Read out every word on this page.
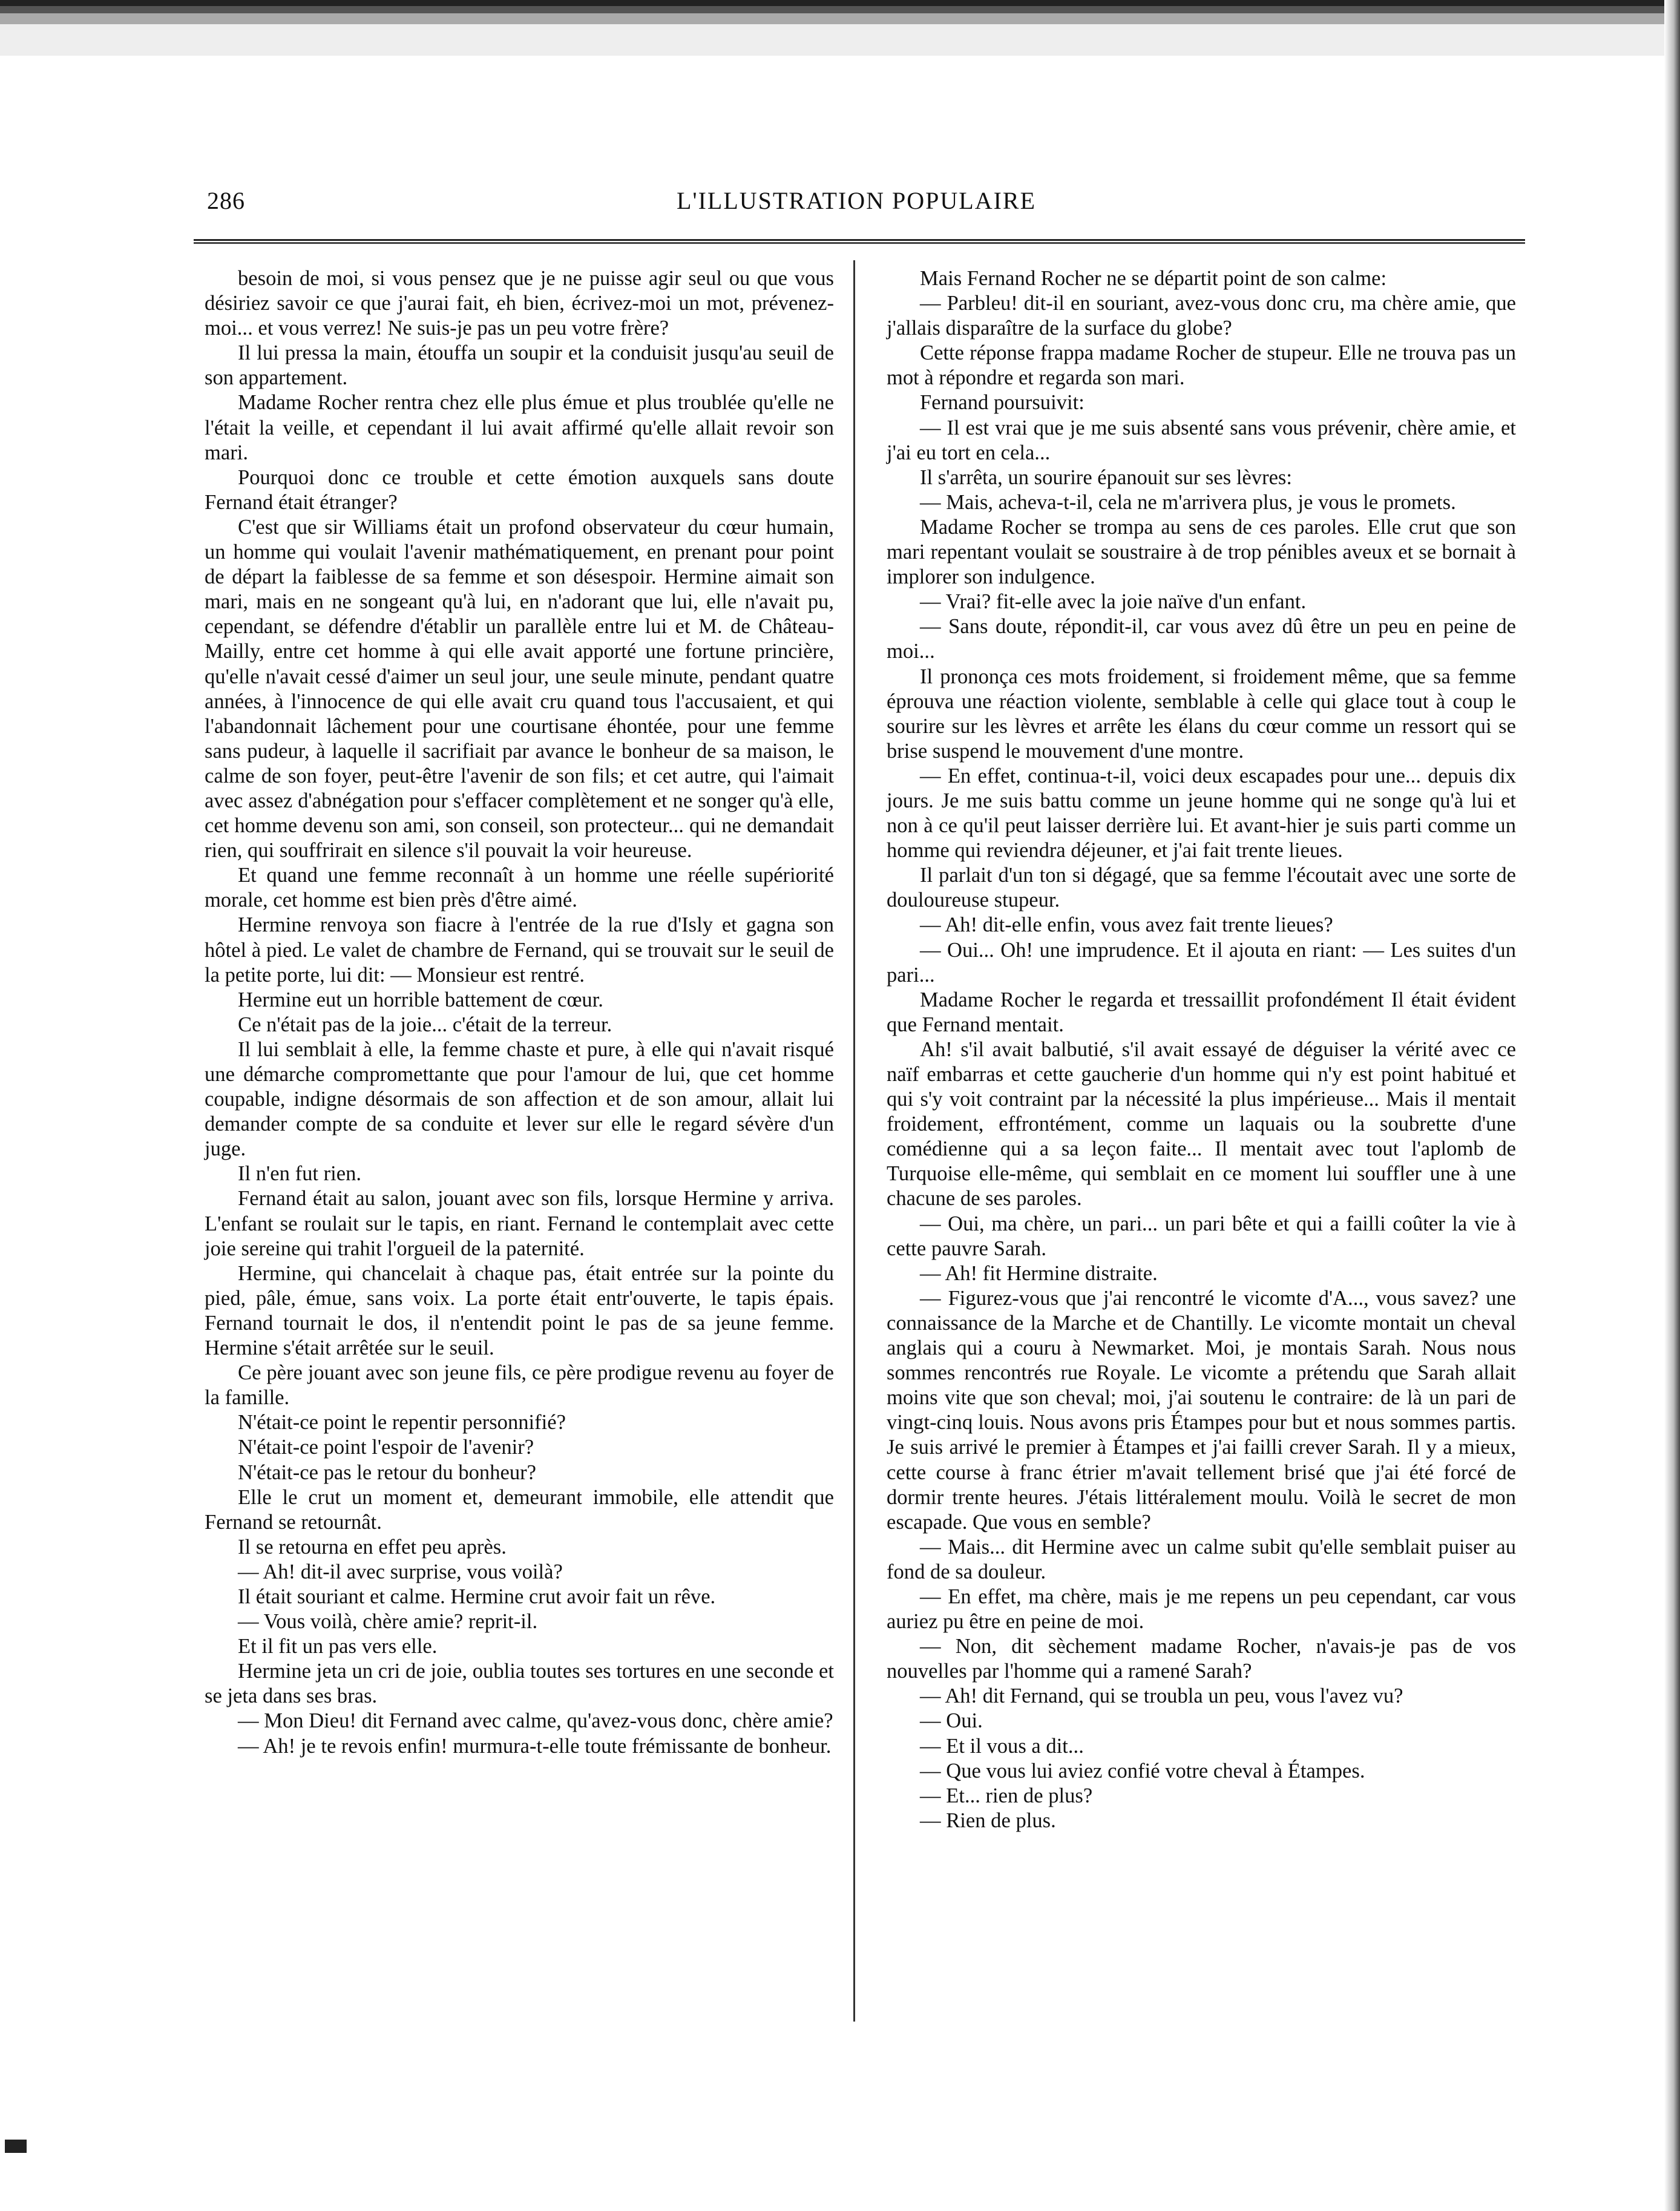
286	L'ILLUSTRATION POPULAIRE

besoin de moi, si vous pensez que je ne puisse agir seul ou que vous désiriez savoir ce que j'aurai fait, eh bien, écrivez-moi un mot, prévenez-moi... et vous verrez! Ne suis-je pas un peu votre frère?

Il lui pressa la main, étouffa un soupir et la conduisit jusqu'au seuil de son appartement.

Madame Rocher rentra chez elle plus émue et plus troublée qu'elle ne l'était la veille, et cependant il lui avait affirmé qu'elle allait revoir son mari.

Pourquoi donc ce trouble et cette émotion auxquels sans doute Fernand était étranger?

C'est que sir Williams était un profond observateur du cœur humain, un homme qui voulait l'avenir mathématiquement, en prenant pour point de départ la faiblesse de sa femme et son désespoir. Hermine aimait son mari, mais en ne songeant qu'à lui, en n'adorant que lui, elle n'avait pu, cependant, se défendre d'établir un parallèle entre lui et M. de Château-Mailly, entre cet homme à qui elle avait apporté une fortune princière, qu'elle n'avait cessé d'aimer un seul jour, une seule minute, pendant quatre années, à l'innocence de qui elle avait cru quand tous l'accusaient, et qui l'abandonnait lâchement pour une courtisane éhontée, pour une femme sans pudeur, à laquelle il sacrifiait par avance le bonheur de sa maison, le calme de son foyer, peut-être l'avenir de son fils; et cet autre, qui l'aimait avec assez d'abnégation pour s'effacer complètement et ne songer qu'à elle, cet homme devenu son ami, son conseil, son protecteur... qui ne demandait rien, qui souffrirait en silence s'il pouvait la voir heureuse.

Et quand une femme reconnaît à un homme une réelle supériorité morale, cet homme est bien près d'être aimé.

Hermine renvoya son fiacre à l'entrée de la rue d'Isly et gagna son hôtel à pied. Le valet de chambre de Fernand, qui se trouvait sur le seuil de la petite porte, lui dit: — Monsieur est rentré.

Hermine eut un horrible battement de cœur.

Ce n'était pas de la joie... c'était de la terreur.

Il lui semblait à elle, la femme chaste et pure, à elle qui n'avait risqué une démarche compromettante que pour l'amour de lui, que cet homme coupable, indigne désormais de son affection et de son amour, allait lui demander compte de sa conduite et lever sur elle le regard sévère d'un juge.

Il n'en fut rien.

Fernand était au salon, jouant avec son fils, lorsque Hermine y arriva. L'enfant se roulait sur le tapis, en riant. Fernand le contemplait avec cette joie sereine qui trahit l'orgueil de la paternité.

Hermine, qui chancelait à chaque pas, était entrée sur la pointe du pied, pâle, émue, sans voix. La porte était entr'ouverte, le tapis épais. Fernand tournait le dos, il n'entendit point le pas de sa jeune femme. Hermine s'était arrêtée sur le seuil.

Ce père jouant avec son jeune fils, ce père prodigue revenu au foyer de la famille.

N'était-ce point le repentir personnifié?

N'était-ce point l'espoir de l'avenir?

N'était-ce pas le retour du bonheur?

Elle le crut un moment et, demeurant immobile, elle attendit que Fernand se retournât.

Il se retourna en effet peu après.

— Ah! dit-il avec surprise, vous voilà?

Il était souriant et calme. Hermine crut avoir fait un rêve.

— Vous voilà, chère amie? reprit-il.

Et il fit un pas vers elle.

Hermine jeta un cri de joie, oublia toutes ses tortures en une seconde et se jeta dans ses bras.

— Mon Dieu! dit Fernand avec calme, qu'avez-vous donc, chère amie?

— Ah! je te revois enfin! murmura-t-elle toute frémissante de bonheur.

Mais Fernand Rocher ne se départit point de son calme:

— Parbleu! dit-il en souriant, avez-vous donc cru, ma chère amie, que j'allais disparaître de la surface du globe?

Cette réponse frappa madame Rocher de stupeur. Elle ne trouva pas un mot à répondre et regarda son mari.

Fernand poursuivit:

— Il est vrai que je me suis absenté sans vous prévenir, chère amie, et j'ai eu tort en cela...

Il s'arrêta, un sourire épanouit sur ses lèvres:

— Mais, acheva-t-il, cela ne m'arrivera plus, je vous le promets.

Madame Rocher se trompa au sens de ces paroles. Elle crut que son mari repentant voulait se soustraire à de trop pénibles aveux et se bornait à implorer son indulgence.

— Vrai? fit-elle avec la joie naïve d'un enfant.

— Sans doute, répondit-il, car vous avez dû être un peu en peine de moi...

Il prononça ces mots froidement, si froidement même, que sa femme éprouva une réaction violente, semblable à celle qui glace tout à coup le sourire sur les lèvres et arrête les élans du cœur comme un ressort qui se brise suspend le mouvement d'une montre.

— En effet, continua-t-il, voici deux escapades pour une... depuis dix jours. Je me suis battu comme un jeune homme qui ne songe qu'à lui et non à ce qu'il peut laisser derrière lui. Et avant-hier je suis parti comme un homme qui reviendra déjeuner, et j'ai fait trente lieues.

Il parlait d'un ton si dégagé, que sa femme l'écoutait avec une sorte de douloureuse stupeur.

— Ah! dit-elle enfin, vous avez fait trente lieues?

— Oui... Oh! une imprudence. Et il ajouta en riant: — Les suites d'un pari...

Madame Rocher le regarda et tressaillit profondément Il était évident que Fernand mentait.

Ah! s'il avait balbutié, s'il avait essayé de déguiser la vérité avec ce naïf embarras et cette gaucherie d'un homme qui n'y est point habitué et qui s'y voit contraint par la nécessité la plus impérieuse... Mais il mentait froidement, effrontément, comme un laquais ou la soubrette d'une comédienne qui a sa leçon faite... Il mentait avec tout l'aplomb de Turquoise elle-même, qui semblait en ce moment lui souffler une à une chacune de ses paroles.

— Oui, ma chère, un pari... un pari bête et qui a failli coûter la vie à cette pauvre Sarah.

— Ah! fit Hermine distraite.

— Figurez-vous que j'ai rencontré le vicomte d'A..., vous savez? une connaissance de la Marche et de Chantilly. Le vicomte montait un cheval anglais qui a couru à Newmarket. Moi, je montais Sarah. Nous nous sommes rencontrés rue Royale. Le vicomte a prétendu que Sarah allait moins vite que son cheval; moi, j'ai soutenu le contraire: de là un pari de vingt-cinq louis. Nous avons pris Étampes pour but et nous sommes partis. Je suis arrivé le premier à Étampes et j'ai failli crever Sarah. Il y a mieux, cette course à franc étrier m'avait tellement brisé que j'ai été forcé de dormir trente heures. J'étais littéralement moulu. Voilà le secret de mon escapade. Que vous en semble?

— Mais... dit Hermine avec un calme subit qu'elle semblait puiser au fond de sa douleur.

— En effet, ma chère, mais je me repens un peu cependant, car vous auriez pu être en peine de moi.

— Non, dit sèchement madame Rocher, n'avais-je pas de vos nouvelles par l'homme qui a ramené Sarah?

— Ah! dit Fernand, qui se troubla un peu, vous l'avez vu?

— Oui.

— Et il vous a dit...

— Que vous lui aviez confié votre cheval à Étampes.

— Et... rien de plus?

— Rien de plus.
